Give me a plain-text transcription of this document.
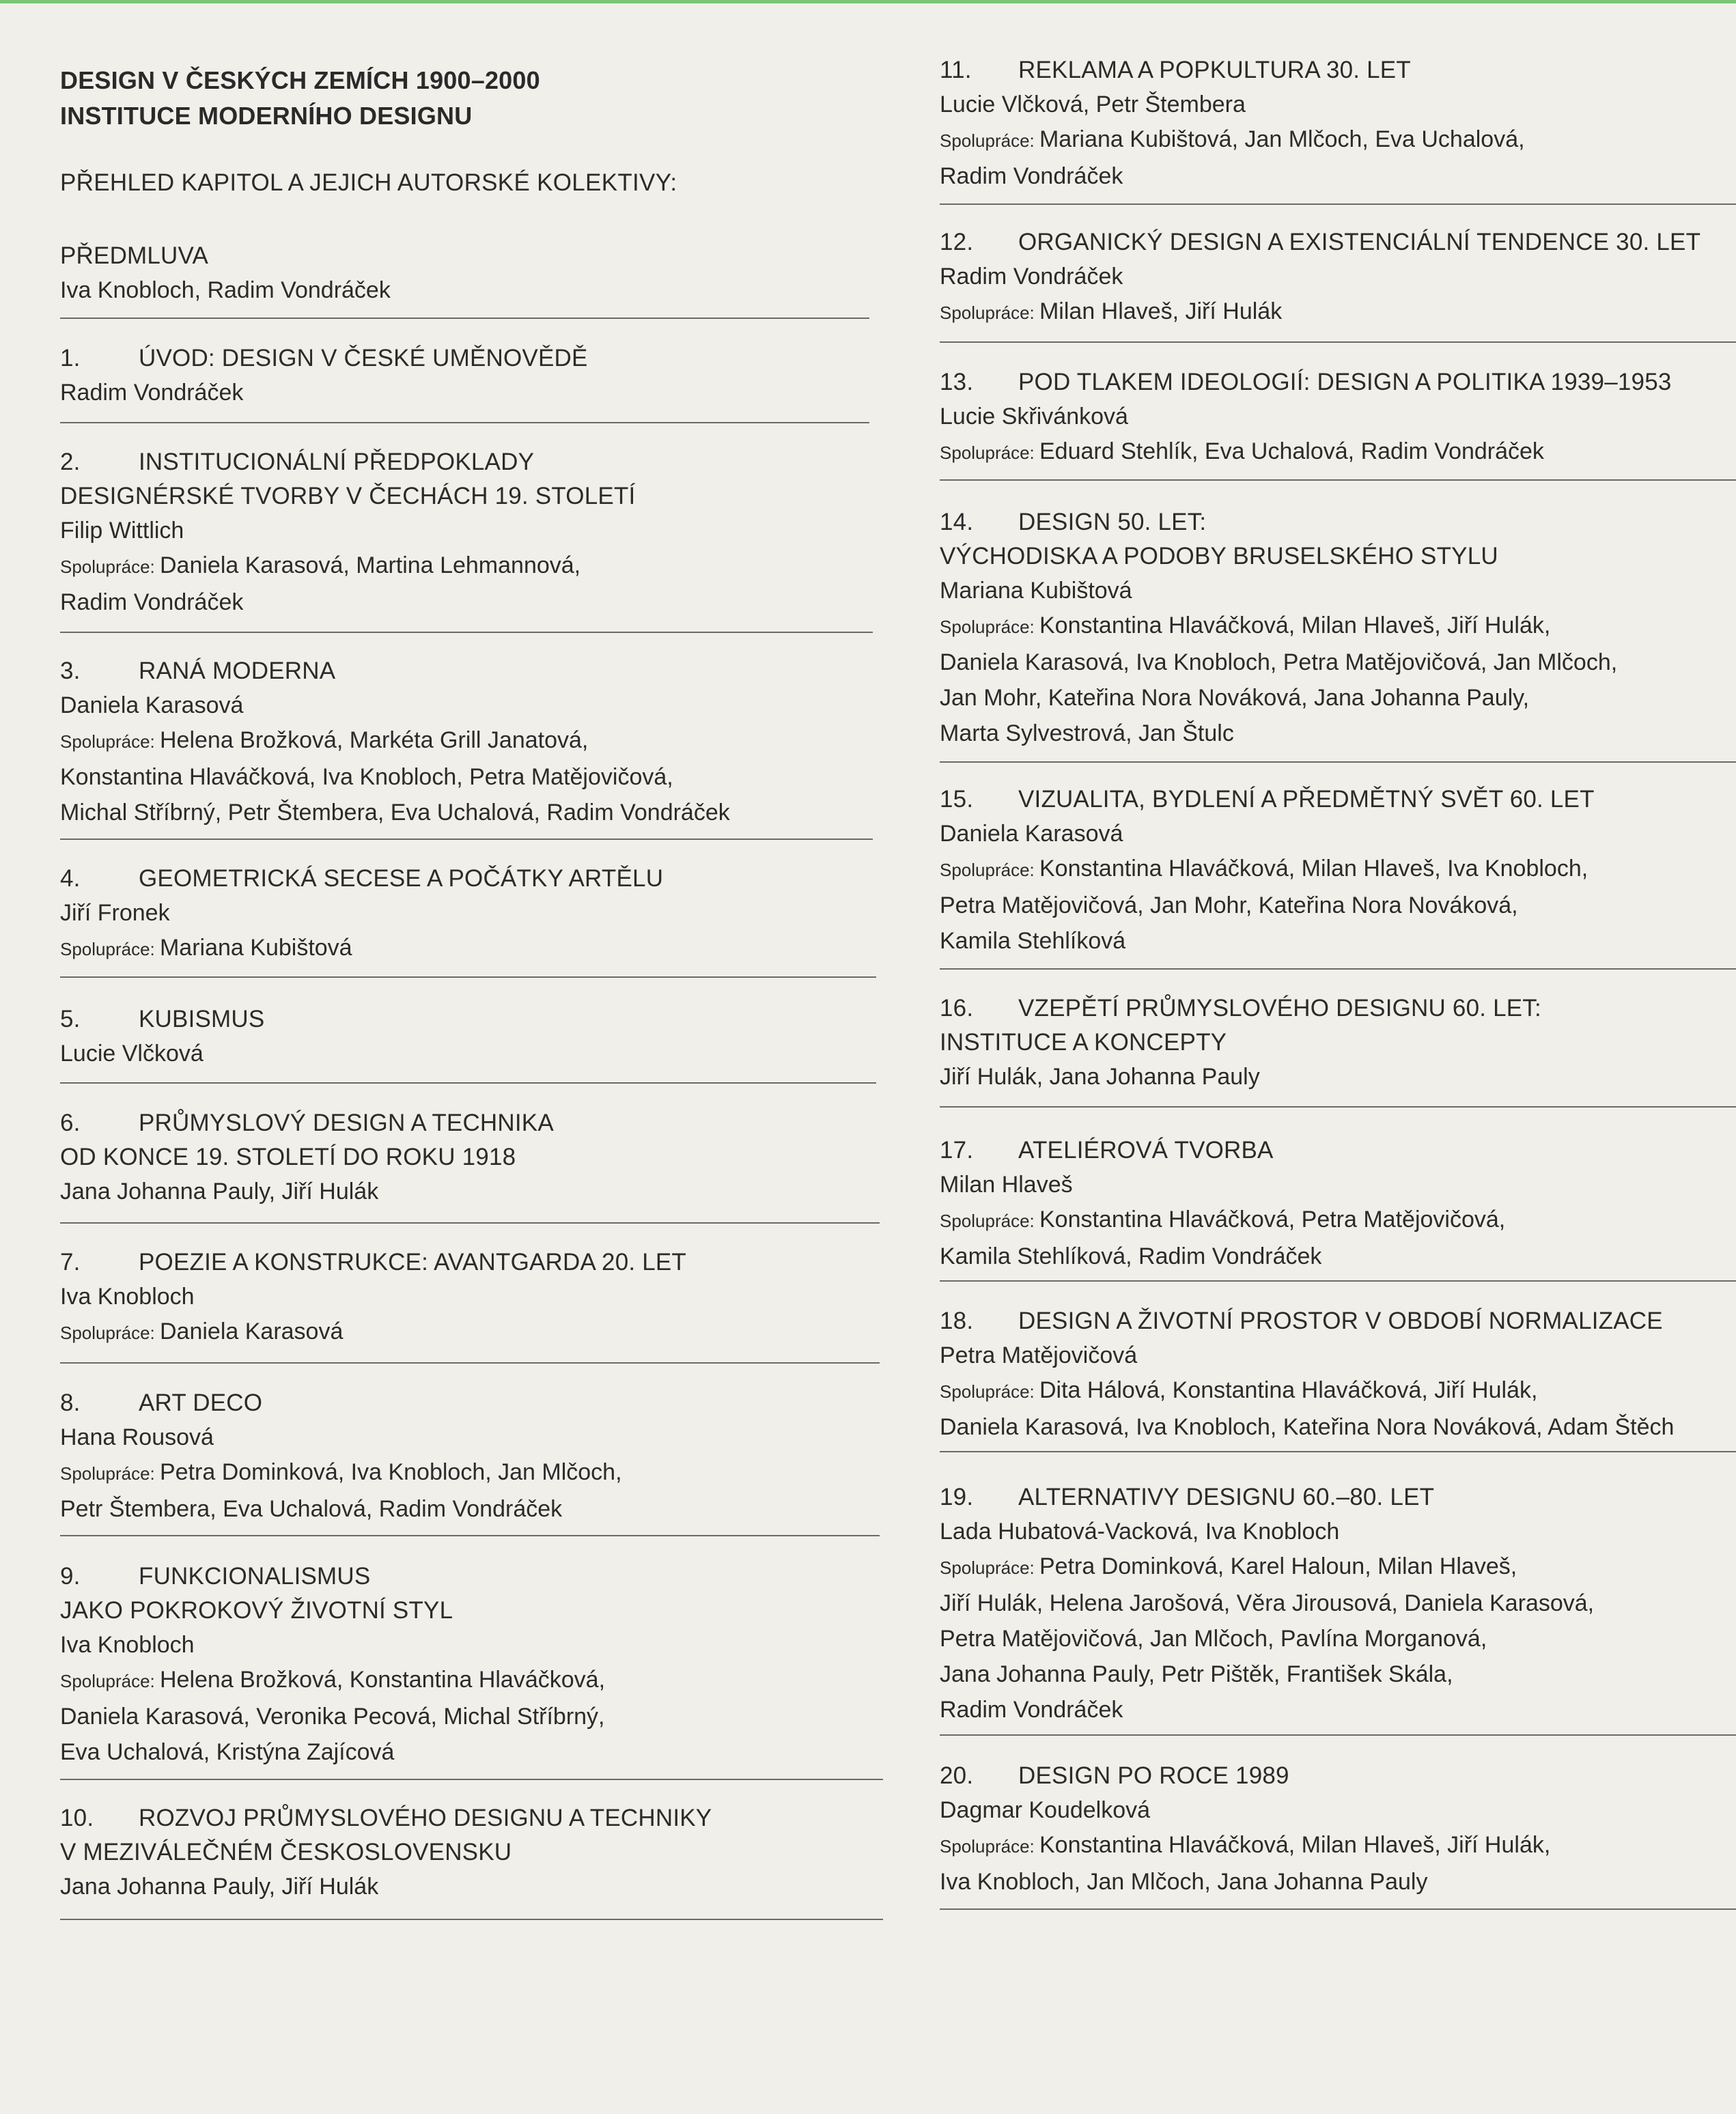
DESIGN V ČESKÝCH ZEMÍCH 1900–2000
INSTITUCE MODERNÍHO DESIGNU
PŘEHLED KAPITOL A JEJICH AUTORSKÉ KOLEKTIVY:
PŘEDMLUVA
Iva Knobloch, Radim Vondráček
1. ÚVOD: DESIGN V ČESKÉ UMĚNOVĚDĚ
Radim Vondráček
2. INSTITUCIONÁLNÍ PŘEDPOKLADY
DESIGNÉRSKÉ TVORBY V ČECHÁCH 19. STOLETÍ
Filip Wittlich
Spolupráce: Daniela Karasová, Martina Lehmannová,
Radim Vondráček
3. RANÁ MODERNA
Daniela Karasová
Spolupráce: Helena Brožková, Markéta Grill Janatová,
Konstantina Hlaváčková, Iva Knobloch, Petra Matějovičová,
Michal Stříbrný, Petr Štembera, Eva Uchalová, Radim Vondráček
4. GEOMETRICKÁ SECESE A POČÁTKY ARTĚLU
Jiří Fronek
Spolupráce: Mariana Kubištová
5. KUBISMUS
Lucie Vlčková
6. PRŮMYSLOVÝ DESIGN A TECHNIKA
OD KONCE 19. STOLETÍ DO ROKU 1918
Jana Johanna Pauly, Jiří Hulák
7. POEZIE A KONSTRUKCE: AVANTGARDA 20. LET
Iva Knobloch
Spolupráce: Daniela Karasová
8. ART DECO
Hana Rousová
Spolupráce: Petra Dominková, Iva Knobloch, Jan Mlčoch,
Petr Štembera, Eva Uchalová, Radim Vondráček
9. FUNKCIONALISMUS
JAKO POKROKOVÝ ŽIVOTNÍ STYL
Iva Knobloch
Spolupráce: Helena Brožková, Konstantina Hlaváčková,
Daniela Karasová, Veronika Pecová, Michal Stříbrný,
Eva Uchalová, Kristýna Zajícová
10. ROZVOJ PRŮMYSLOVÉHO DESIGNU A TECHNIKY
V MEZIVÁLEČNÉM ČESKOSLOVENSKU
Jana Johanna Pauly, Jiří Hulák
11. REKLAMA A POPKULTURA 30. LET
Lucie Vlčková, Petr Štembera
Spolupráce: Mariana Kubištová, Jan Mlčoch, Eva Uchalová,
Radim Vondráček
12. ORGANICKÝ DESIGN A EXISTENCIÁLNÍ TENDENCE 30. LET
Radim Vondráček
Spolupráce: Milan Hlaveš, Jiří Hulák
13. POD TLAKEM IDEOLOGIÍ: DESIGN A POLITIKA 1939–1953
Lucie Skřivánková
Spolupráce: Eduard Stehlík, Eva Uchalová, Radim Vondráček
14. DESIGN 50. LET:
VÝCHODISKA A PODOBY BRUSELSKÉHO STYLU
Mariana Kubištová
Spolupráce: Konstantina Hlaváčková, Milan Hlaveš, Jiří Hulák,
Daniela Karasová, Iva Knobloch, Petra Matějovičová, Jan Mlčoch,
Jan Mohr, Kateřina Nora Nováková, Jana Johanna Pauly,
Marta Sylvestrová, Jan Štulc
15. VIZUALITA, BYDLENÍ A PŘEDMĚTNÝ SVĚT 60. LET
Daniela Karasová
Spolupráce: Konstantina Hlaváčková, Milan Hlaveš, Iva Knobloch,
Petra Matějovičová, Jan Mohr, Kateřina Nora Nováková,
Kamila Stehlíková
16. VZEPĚTÍ PRŮMYSLOVÉHO DESIGNU 60. LET:
INSTITUCE A KONCEPTY
Jiří Hulák, Jana Johanna Pauly
17. ATELIÉROVÁ TVORBA
Milan Hlaveš
Spolupráce: Konstantina Hlaváčková, Petra Matějovičová,
Kamila Stehlíková, Radim Vondráček
18. DESIGN A ŽIVOTNÍ PROSTOR V OBDOBÍ NORMALIZACE
Petra Matějovičová
Spolupráce: Dita Hálová, Konstantina Hlaváčková, Jiří Hulák,
Daniela Karasová, Iva Knobloch, Kateřina Nora Nováková, Adam Štěch
19. ALTERNATIVY DESIGNU 60.–80. LET
Lada Hubatová-Vacková, Iva Knobloch
Spolupráce: Petra Dominková, Karel Haloun, Milan Hlaveš,
Jiří Hulák, Helena Jarošová, Věra Jirousová, Daniela Karasová,
Petra Matějovičová, Jan Mlčoch, Pavlína Morganová,
Jana Johanna Pauly, Petr Pištěk, František Skála,
Radim Vondráček
20. DESIGN PO ROCE 1989
Dagmar Koudelková
Spolupráce: Konstantina Hlaváčková, Milan Hlaveš, Jiří Hulák,
Iva Knobloch, Jan Mlčoch, Jana Johanna Pauly
